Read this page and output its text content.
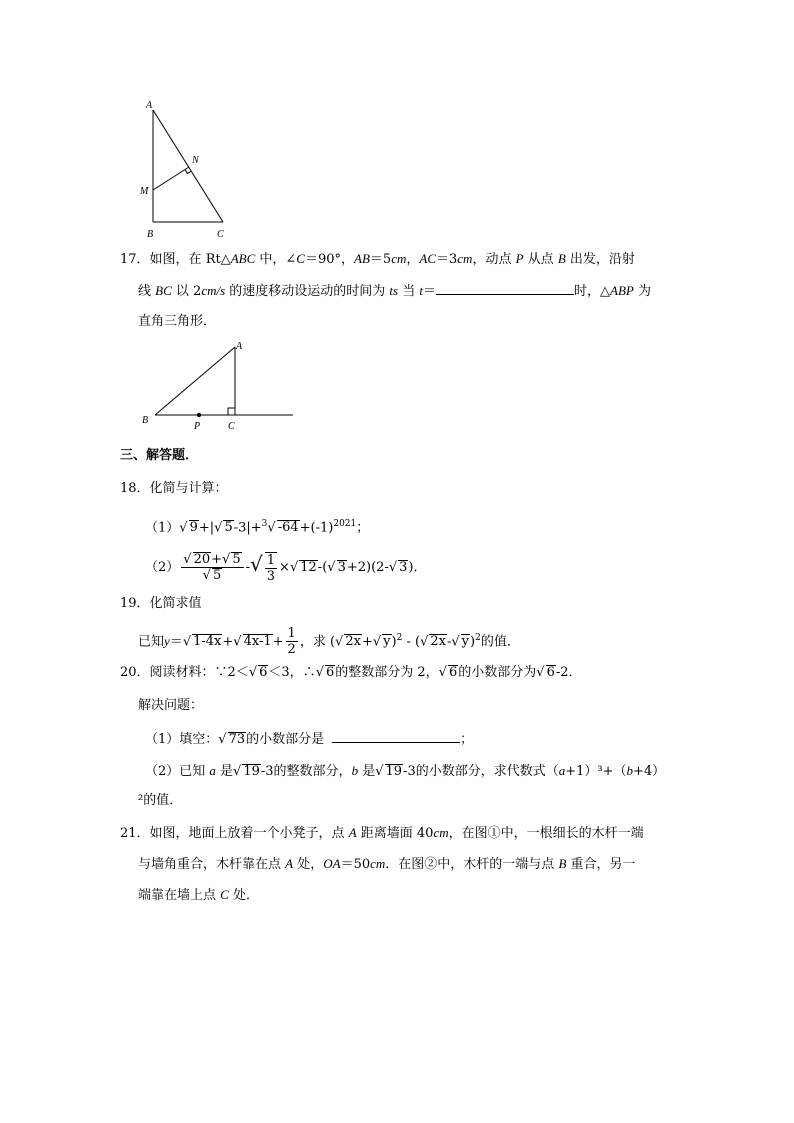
A
N
M
B	C
17．如图，在 Rt△ABC 中，∠C＝90°，AB＝5cm，AC＝3cm，动点 P 从点 B 出发，沿射
线 BC 以 2cm/s 的速度移动设运动的时间为 ts 当 t＝	时，△ABP 为
直角三角形．
A
B
P	C
三、解答题．
18．化简与计算：
（1）√ 9+|√ 5-3|+$^3$√ $-64+(-1)^{2021}$；
$(2) \frac{√ 20+√ 5}{√ 5}$ -√ $\frac{1}{3}$ ×√ 12-(√ 3+2)(2-√ 3)．
19．化简求值
已知y＝√ 1-4x+√ $4x-1+ \frac{1}{2}$ ，求 (√ 2x+√ y)$^2$ - (√ 2x-√ y)$^2$的值．
20．阅读材料：∵2＜√ 6＜3，∴√ 6的整数部分为 2，√ 6的小数部分为√ 6-2．
解决问题：
（1）填空：√ 73的小数部分是	；
（2）已知 a 是√ 19-3的整数部分，b 是√ 19-3的小数部分，求代数式（a+1）³+（b+4）
²的值．
21．如图，地面上放着一个小凳子，点 A 距离墙面 40cm，在图①中，一根细长的木杆一端
与墙角重合，木杆靠在点 A 处，OA＝50cm．在图②中，木杆的一端与点 B 重合，另一
端靠在墙上点 C 处．
